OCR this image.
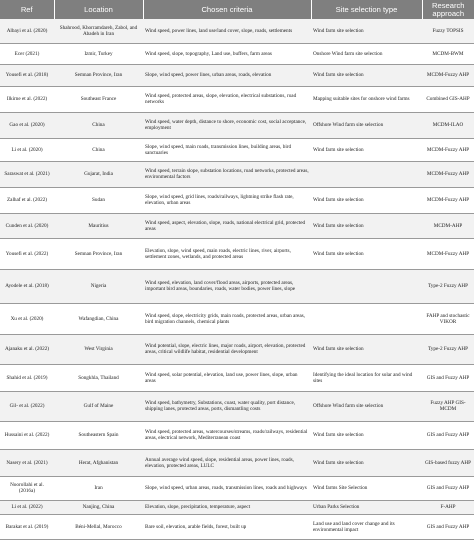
Ref	Location	Chosen criteria	Site selection type	Research approach
Albayi et al. (2020)	Shahrood, Khorramdareh, Zabol, and Abadeh in Iran	Wind speed, power lines, land use/land cover, slope, roads, settlements	Wind farm site selection	Fuzzy TOPSIS
Ecer (2021)	Izmir, Turkey	Wind speed, slope, topography, Land use, buffers, farm areas	Onshore Wind farm site selection	MCDM-BWM
Yousefi et al. (2018)	Semnan Province, Iran	Slope, wind speed, power lines, urban areas, roads, elevation	Wind farm site selection	MCDM-Fuzzy AHP
Ilkirne et al. (2022)	Southeast France	Wind speed, protected areas, slope, elevation, electrical substations, road networks	Mapping suitable sites for onshore wind farms	Combined GIS-AHP
Gao et al. (2020)	China	Wind speed, water depth, distance to shore, economic cost, social acceptance, employment	Offshore Wind farm site selection	MCDM-ILAO
Li et al. (2020)	China	Slope, wind speed, main roads, transmission lines, building areas, bird sanctuaries	Wind farm site selection	MCDM-Fuzzy AHP
Saraswat et al. (2021)	Gujarat, India	Wind speed, terrain slope, substation locations, road networks, protected areas, environmental factors		MCDM-Fuzzy AHP
Zalhaf et al. (2022)	Sudan	Slope, wind speed, grid lines, roads/railways, lightning strike flash rate, elevation, urban areas	Wind farm site selection	MCDM-Fuzzy AHP
Cunden et al. (2020)	Mauritius	Wind speed, aspect, elevation, slope, roads, national electrical grid, protected areas	Wind farm site selection	MCDM-AHP
Yousefi et al. (2022)	Semnan Province, Iran	Elevation, slope, wind speed, main roads, electric lines, river, airports, settlement zones, wetlands, and protected areas	Wind farm site selection	MCDM-Fuzzy AHP
Ayodele et al. (2018)	Nigeria	Wind speed, elevation, land cover/flood areas, airports, protected areas, important bird areas, boundaries, roads, water bodies, power lines, slope		Type-2 Fuzzy AHP
Xu et al. (2020)	Wafangdian, China	Wind speed, slope, electricity grids, main roads, protected areas, urban areas, bird migration channels, chemical plants		FAHP and stochastic VIKOR
Ajanaku et al. (2022)	West Virginia	Wind potential, slope, electric lines, major roads, airport, elevation, protected areas, critical wildlife habitat, residential development	Wind farm site selection	Type-2 Fuzzy AHP
Shahid et al. (2019)	Songkhla, Thailand	Wind speed, solar potential, elevation, land use, power lines, slope, urban areas	Identifying the ideal location for solar and wind sites	GIS and Fuzzy AHP
Gil- et al. (2022)	Gulf of Maine	Wind speed, bathymetry, Substations, coast, water quality, port distance, shipping lanes, protected areas, ports, dismantling costs	Offshore Wind farm site selection	Fuzzy AHP GIS-MCDM
Hussaini et al. (2022)	Southeastern Spain	Wind speed, protected areas, watercourses/streams, roads/railways, residential areas, electrical network, Mediterranean coast	Wind farm site selection	GIS and Fuzzy AHP
Nasery et al. (2021)	Herat, Afghanistan	Annual average wind speed, slope, residential areas, power lines, roads, elevation, protected areas, LULC	Wind farm site selection	GIS-based fuzzy AHP
Noorollahi et al. (2016a)	Iran	Slope, wind speed, urban areas, roads, transmission lines, roads and highways	Wind farms Site Selection	GIS and Fuzzy AHP
Li et al. (2022)	Nanjing, China	Elevation, slope, precipitation, temperature, aspect	Urban Parks Selection	F-AHP
Barakat et al. (2019)	Béni-Mellal, Morocco	Bare soil, elevation, arable fields, forest, built up	Land use and land cover change and its environmental impact	GIS and Fuzzy AHP
